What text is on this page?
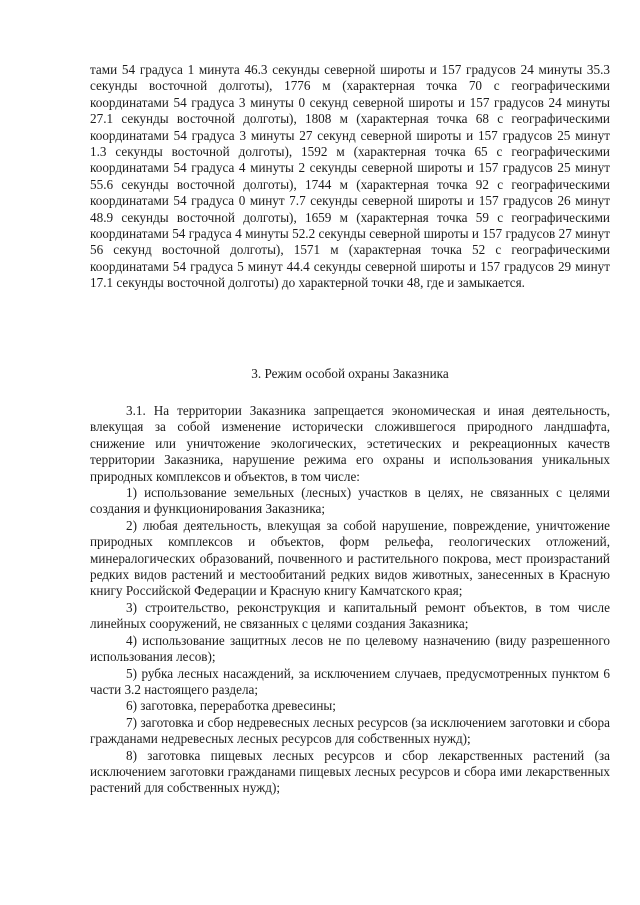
тами 54 градуса 1 минута 46.3 секунды северной широты и 157 градусов 24 минуты 35.3 секунды восточной долготы), 1776 м (характерная точка 70 с географическими координатами 54 градуса 3 минуты 0 секунд северной широты и 157 градусов 24 минуты 27.1 секунды восточной долготы), 1808 м (характерная точка 68 с географическими координатами 54 градуса 3 минуты 27 секунд северной широты и 157 градусов 25 минут 1.3 секунды восточной долготы), 1592 м (характерная точка 65 с географическими координатами 54 градуса 4 минуты 2 секунды северной широты и 157 градусов 25 минут 55.6 секунды восточной долготы), 1744 м (характерная точка 92 с географическими координатами 54 градуса 0 минут 7.7 секунды северной широты и 157 градусов 26 минут 48.9 секунды восточной долготы), 1659 м (характерная точка 59 с географическими координатами 54 градуса 4 минуты 52.2 секунды северной широты и 157 градусов 27 минут 56 секунд восточной долготы), 1571 м (характерная точка 52 с географическими координатами 54 градуса 5 минут 44.4 секунды северной широты и 157 градусов 29 минут 17.1 секунды восточной долготы) до характерной точки 48, где и замыкается.

3. Режим особой охраны Заказника

3.1. На территории Заказника запрещается экономическая и иная деятельность, влекущая за собой изменение исторически сложившегося природного ландшафта, снижение или уничтожение экологических, эстетических и рекреационных качеств территории Заказника, нарушение режима его охраны и использования уникальных природных комплексов и объектов, в том числе:

1) использование земельных (лесных) участков в целях, не связанных с целями создания и функционирования Заказника;

2) любая деятельность, влекущая за собой нарушение, повреждение, уничтожение природных комплексов и объектов, форм рельефа, геологических отложений, минералогических образований, почвенного и растительного покрова, мест произрастаний редких видов растений и местообитаний редких видов животных, занесенных в Красную книгу Российской Федерации и Красную книгу Камчатского края;

3) строительство, реконструкция и капитальный ремонт объектов, в том числе линейных сооружений, не связанных с целями создания Заказника;

4) использование защитных лесов не по целевому назначению (виду разрешенного использования лесов);

5) рубка лесных насаждений, за исключением случаев, предусмотренных пунктом 6 части 3.2 настоящего раздела;

6) заготовка, переработка древесины;

7) заготовка и сбор недревесных лесных ресурсов (за исключением заготовки и сбора гражданами недревесных лесных ресурсов для собственных нужд);

8) заготовка пищевых лесных ресурсов и сбор лекарственных растений (за исключением заготовки гражданами пищевых лесных ресурсов и сбора ими лекарственных растений для собственных нужд);
